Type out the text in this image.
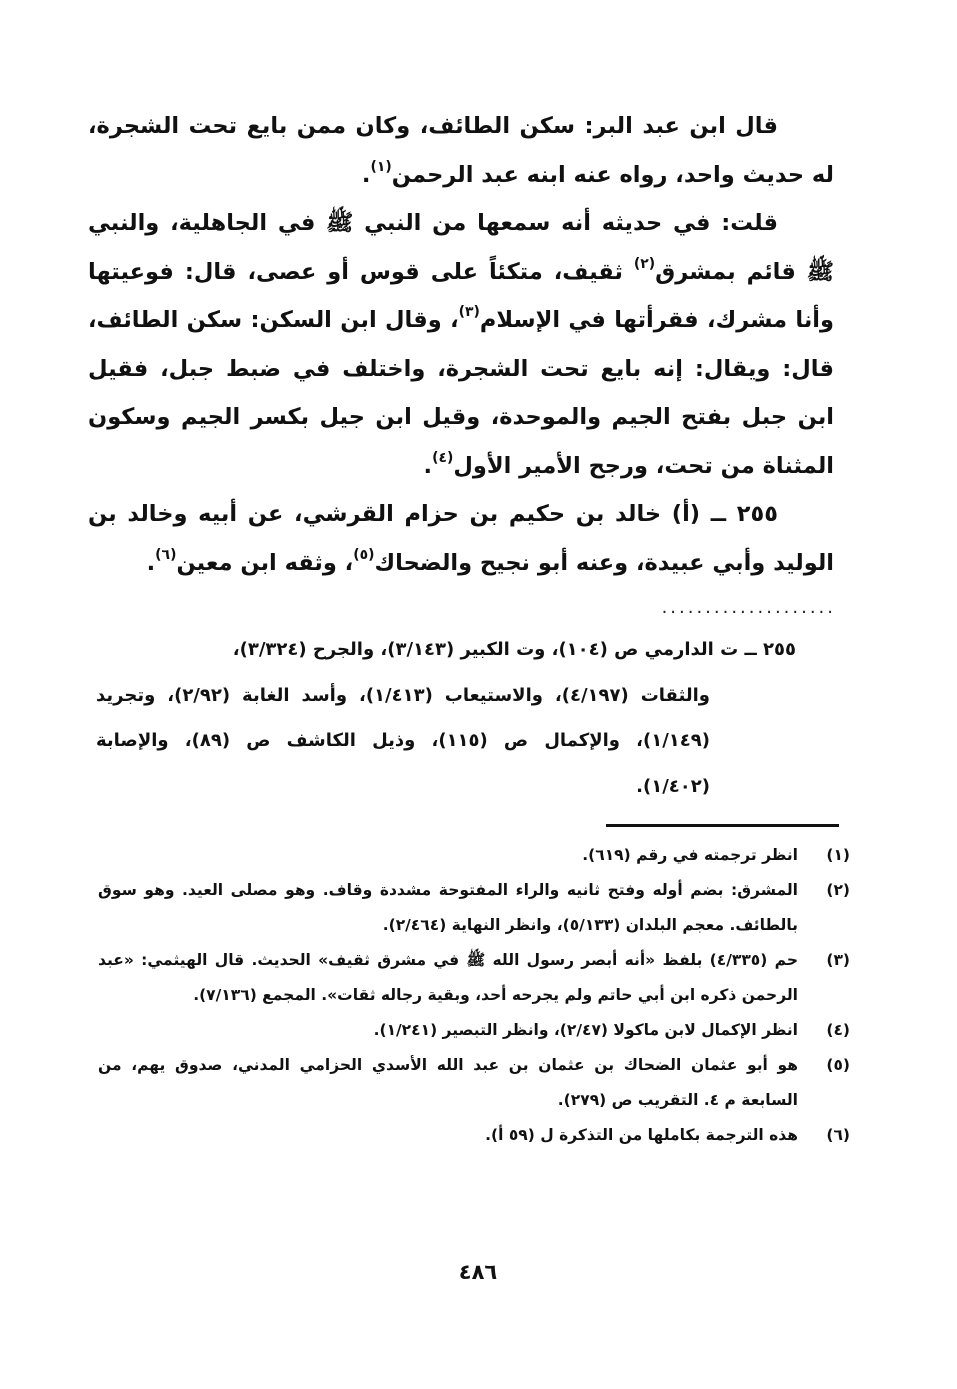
قال ابن عبد البر: سكن الطائف، وكان ممن بايع تحت الشجرة، له حديث واحد، رواه عنه ابنه عبد الرحمن$^{(١)}$.

قلت: في حديثه أنه سمعها من النبي ﷺ في الجاهلية، والنبي ﷺ قائم بمشرق$^{(٢)}$ ثقيف، متكئاً على قوس أو عصى، قال: فوعيتها وأنا مشرك، فقرأتها في الإسلام$^{(٣)}$، وقال ابن السكن: سكن الطائف، قال: ويقال: إنه بايع تحت الشجرة، واختلف في ضبط جبل، فقيل ابن جبل بفتح الجيم والموحدة، وقيل ابن جيل بكسر الجيم وسكون المثناة من تحت، ورجح الأمير الأول$^{(٤)}$.

٢٥٥ ــ (أ) خالد بن حكيم بن حزام القرشي، عن أبيه وخالد بن الوليد وأبي عبيدة، وعنه أبو نجيح والضحاك$^{(٥)}$، وثقه ابن معين$^{(٦)}$.

....................
٢٥٥ ــ ت الدارمي ص (١٠٤)، وت الكبير (٣/١٤٣)، والجرح (٣/٣٢٤)،
والثقات (٤/١٩٧)، والاستيعاب (١/٤١٣)، وأسد الغابة (٢/٩٢)، وتجريد (١/١٤٩)، والإكمال ص (١١٥)، وذيل الكاشف ص (٨٩)، والإصابة (١/٤٠٢).
(١)
انظر ترجمته في رقم (٦١٩).
(٢)
المشرق: بضم أوله وفتح ثانيه والراء المفتوحة مشددة وقاف. وهو مصلى العيد. وهو سوق بالطائف. معجم البلدان (٥/١٣٣)، وانظر النهاية (٢/٤٦٤).
(٣)
حم (٤/٣٣٥) بلفظ «أنه أبصر رسول الله ﷺ في مشرق ثقيف» الحديث. قال الهيثمي: «عبد الرحمن ذكره ابن أبي حاتم ولم يجرحه أحد، وبقية رجاله ثقات». المجمع (٧/١٣٦).
(٤)
انظر الإكمال لابن ماكولا (٢/٤٧)، وانظر التبصير (١/٢٤١).
(٥)
هو أبو عثمان الضحاك بن عثمان بن عبد الله الأسدي الحزامي المدني، صدوق يهم، من السابعة م ٤. التقريب ص (٢٧٩).
(٦)
هذه الترجمة بكاملها من التذكرة ل (٥٩ أ).
٤٨٦
